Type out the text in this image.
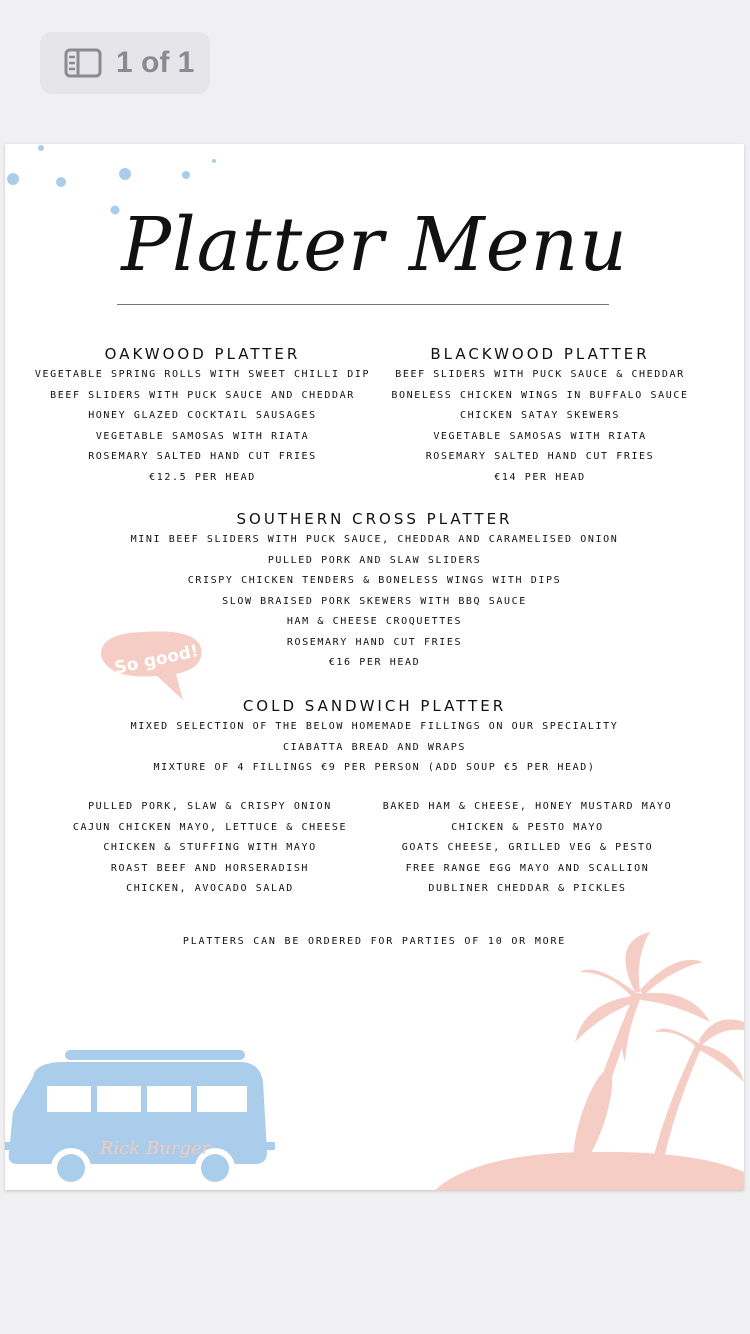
1 of 1
Platter Menu
OAKWOOD PLATTER
VEGETABLE SPRING ROLLS WITH SWEET CHILLI DIP
BEEF SLIDERS WITH PUCK SAUCE AND CHEDDAR
HONEY GLAZED COCKTAIL SAUSAGES
VEGETABLE SAMOSAS WITH RIATA
ROSEMARY SALTED HAND CUT FRIES
€12.5 PER HEAD
BLACKWOOD PLATTER
BEEF SLIDERS WITH PUCK SAUCE & CHEDDAR
BONELESS CHICKEN WINGS IN BUFFALO SAUCE
CHICKEN SATAY SKEWERS
VEGETABLE SAMOSAS WITH RIATA
ROSEMARY SALTED HAND CUT FRIES
€14 PER HEAD
SOUTHERN CROSS PLATTER
MINI BEEF SLIDERS WITH PUCK SAUCE, CHEDDAR AND CARAMELISED ONION
PULLED PORK AND SLAW SLIDERS
CRISPY CHICKEN TENDERS & BONELESS WINGS WITH DIPS
SLOW BRAISED PORK SKEWERS WITH BBQ SAUCE
HAM & CHEESE CROQUETTES
ROSEMARY HAND CUT FRIES
€16 PER HEAD
So good!
COLD SANDWICH PLATTER
MIXED SELECTION OF THE BELOW HOMEMADE FILLINGS ON OUR SPECIALITY
CIABATTA BREAD AND WRAPS
MIXTURE OF 4 FILLINGS €9 PER PERSON (ADD SOUP €5 PER HEAD)
PULLED PORK, SLAW & CRISPY ONION
CAJUN CHICKEN MAYO, LETTUCE & CHEESE
CHICKEN & STUFFING WITH MAYO
ROAST BEEF AND HORSERADISH
CHICKEN, AVOCADO SALAD
BAKED HAM & CHEESE, HONEY MUSTARD MAYO
CHICKEN & PESTO MAYO
GOATS CHEESE, GRILLED VEG & PESTO
FREE RANGE EGG MAYO AND SCALLION
DUBLINER CHEDDAR & PICKLES
PLATTERS CAN BE ORDERED FOR PARTIES OF 10 OR MORE
Rick Burger
